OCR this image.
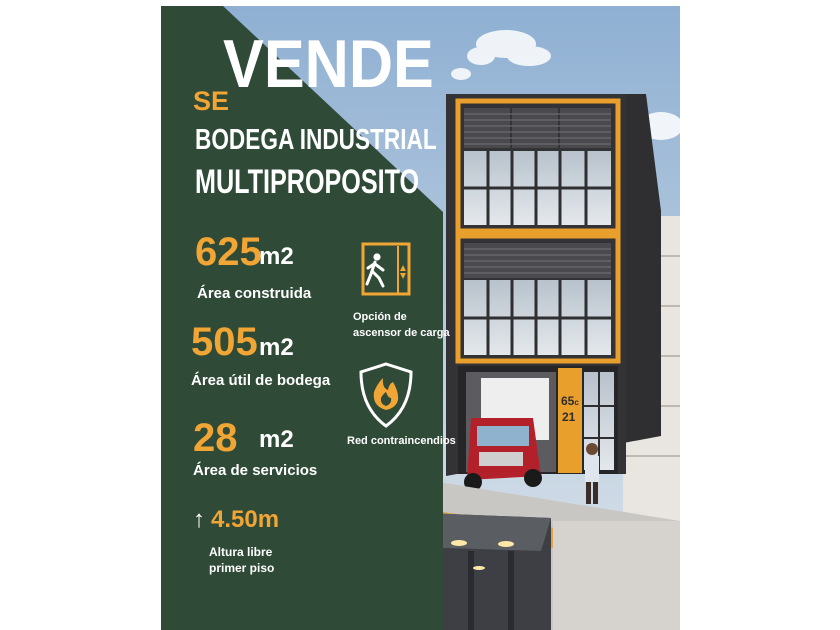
SE
VENDE
BODEGA INDUSTRIAL
MULTIPROPOSITO
625
m2
Área construida
505 m2
Área útil de bodega
28 m2
Área de servicios
↑ 4.50m
Altura libre
primer piso
Opción de
ascensor de carga
Red contraincendios
65c
21
